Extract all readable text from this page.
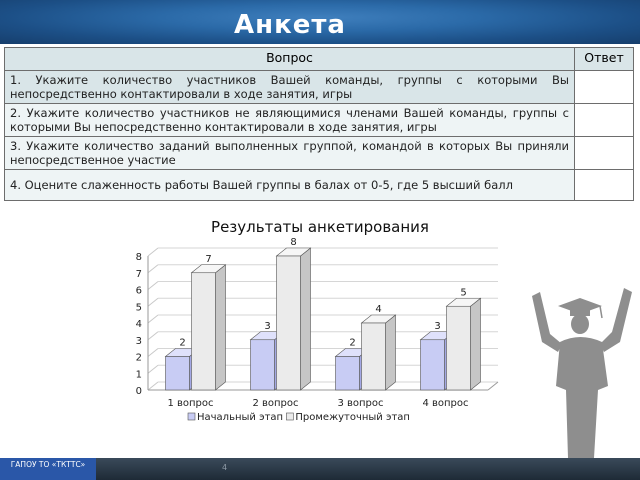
Анкета
Вопрос	Ответ
1. Укажите количество участников Вашей команды, группы с которыми Вы непосредственно контактировали в ходе занятия, игры	
2. Укажите количество участников не являющимися членами Вашей команды, группы с которыми Вы непосредственно контактировали в ходе занятия, игры	
3. Укажите количество заданий выполненных группой, командой в которых Вы приняли непосредственное участие	
4. Оцените слаженность работы Вашей группы в балах от 0-5, где 5 высший балл	
Результаты анкетирования
0
1
2
3
4
5
6
7
8
2
7
1 вопрос
3
8
2 вопрос
2
4
3 вопрос
3
5
4 вопрос
Начальный этап Промежуточный этап
ГАПОУ ТО «ТКТТС»	4
